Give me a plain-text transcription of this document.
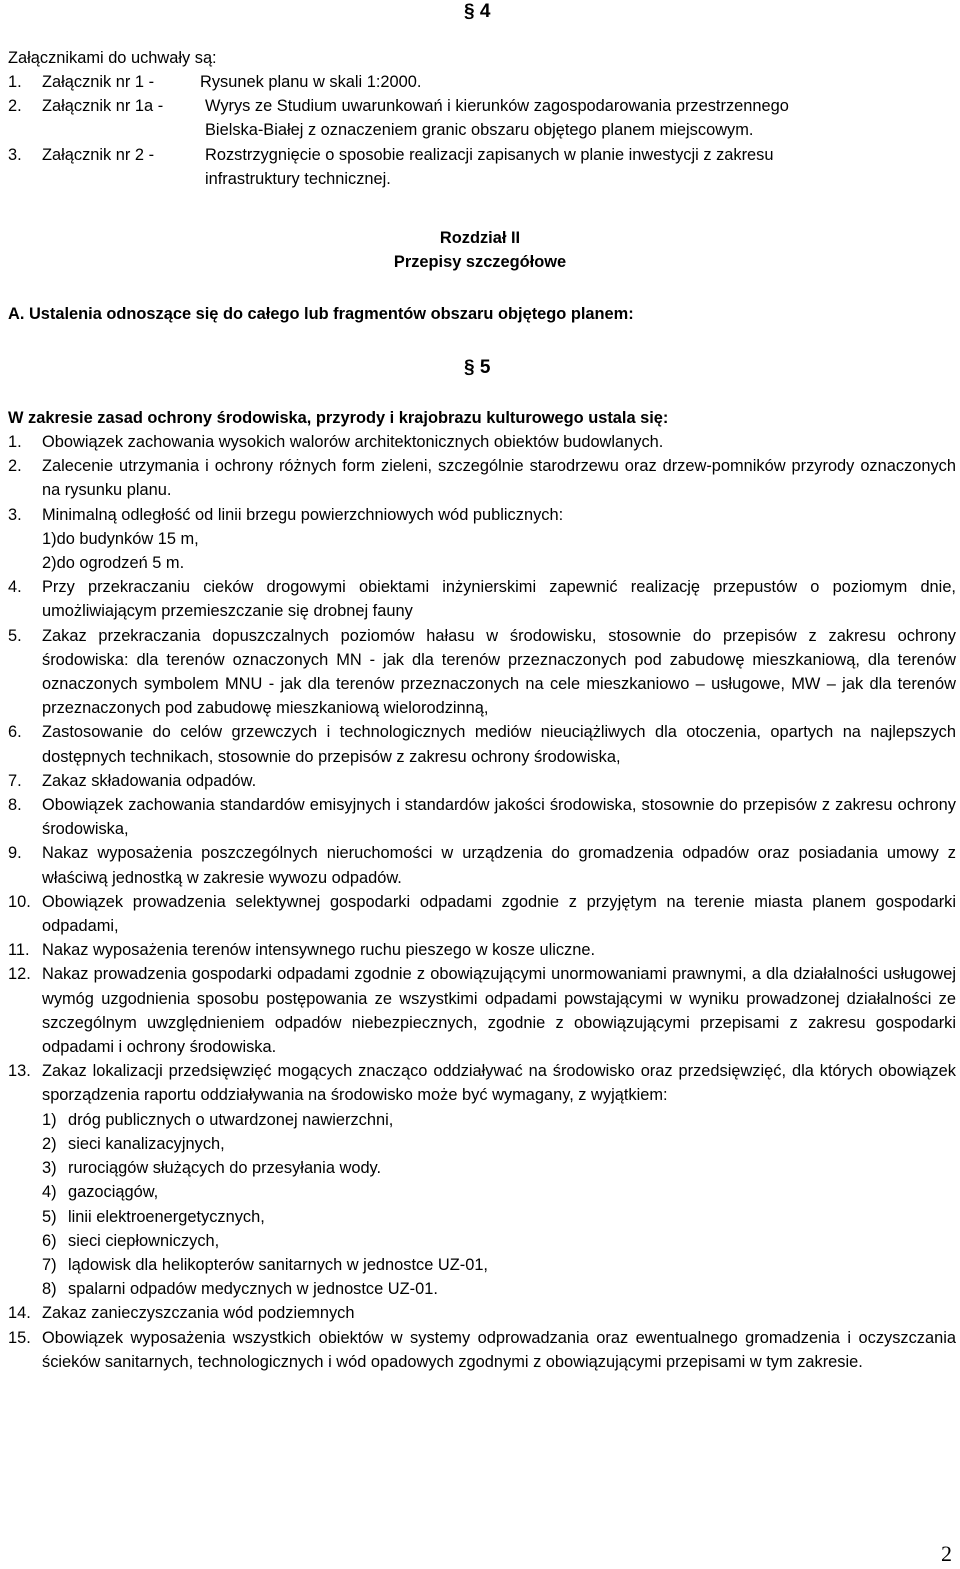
§ 4
Załącznikami do uchwały są:
1. Załącznik nr 1 -	Rysunek planu w skali 1:2000.
2. Załącznik nr 1a -	Wyrys ze Studium uwarunkowań i kierunków zagospodarowania przestrzennego
Bielska-Białej z oznaczeniem granic obszaru objętego planem miejscowym.
3. Załącznik nr 2 -	Rozstrzygnięcie o sposobie realizacji zapisanych w planie inwestycji z zakresu
infrastruktury technicznej.
Rozdział II
Przepisy szczegółowe
A. Ustalenia odnoszące się do całego lub fragmentów obszaru objętego planem:
§ 5
W zakresie zasad ochrony środowiska, przyrody i krajobrazu kulturowego ustala się:
1. Obowiązek zachowania wysokich walorów architektonicznych obiektów budowlanych.
2. Zalecenie utrzymania i ochrony różnych form zieleni, szczególnie starodrzewu oraz drzew-pomników przyrody oznaczonych na rysunku planu.
3. Minimalną odległość od linii brzegu powierzchniowych wód publicznych:
1)do budynków 15 m,
2)do ogrodzeń 5 m.
4. Przy przekraczaniu cieków drogowymi obiektami inżynierskimi zapewnić realizację przepustów o poziomym dnie, umożliwiającym przemieszczanie się drobnej fauny
5. Zakaz przekraczania dopuszczalnych poziomów hałasu w środowisku, stosownie do przepisów z zakresu ochrony środowiska: dla terenów oznaczonych MN - jak dla terenów przeznaczonych pod zabudowę mieszkaniową, dla terenów oznaczonych symbolem MNU - jak dla terenów przeznaczonych na cele mieszkaniowo – usługowe, MW – jak dla terenów przeznaczonych pod zabudowę mieszkaniową wielorodzinną,
6. Zastosowanie do celów grzewczych i technologicznych mediów nieuciążliwych dla otoczenia, opartych na najlepszych dostępnych technikach, stosownie do przepisów z zakresu ochrony środowiska,
7. Zakaz składowania odpadów.
8. Obowiązek zachowania standardów emisyjnych i standardów jakości środowiska, stosownie do przepisów z zakresu ochrony środowiska,
9. Nakaz wyposażenia poszczególnych nieruchomości w urządzenia do gromadzenia odpadów oraz posiadania umowy z właściwą jednostką w zakresie wywozu odpadów.
10. Obowiązek prowadzenia selektywnej gospodarki odpadami zgodnie z przyjętym na terenie miasta planem gospodarki odpadami,
11. Nakaz wyposażenia terenów intensywnego ruchu pieszego w kosze uliczne.
12. Nakaz prowadzenia gospodarki odpadami zgodnie z obowiązującymi unormowaniami prawnymi, a dla działalności usługowej wymóg uzgodnienia sposobu postępowania ze wszystkimi odpadami powstającymi w wyniku prowadzonej działalności ze szczególnym uwzględnieniem odpadów niebezpiecznych, zgodnie z obowiązującymi przepisami z zakresu gospodarki odpadami i ochrony środowiska.
13. Zakaz lokalizacji przedsięwzięć mogących znacząco oddziaływać na środowisko oraz przedsięwzięć, dla których obowiązek sporządzenia raportu oddziaływania na środowisko może być wymagany, z wyjątkiem:
1) dróg publicznych o utwardzonej nawierzchni,
2) sieci kanalizacyjnych,
3) rurociągów służących do przesyłania wody.
4) gazociągów,
5) linii elektroenergetycznych,
6) sieci ciepłowniczych,
7) lądowisk dla helikopterów sanitarnych w jednostce UZ-01,
8) spalarni odpadów medycznych w jednostce UZ-01.
14. Zakaz zanieczyszczania wód podziemnych
15. Obowiązek wyposażenia wszystkich obiektów w systemy odprowadzania oraz ewentualnego gromadzenia i oczyszczania ścieków sanitarnych, technologicznych i wód opadowych zgodnymi z obowiązującymi przepisami w tym zakresie.
2
